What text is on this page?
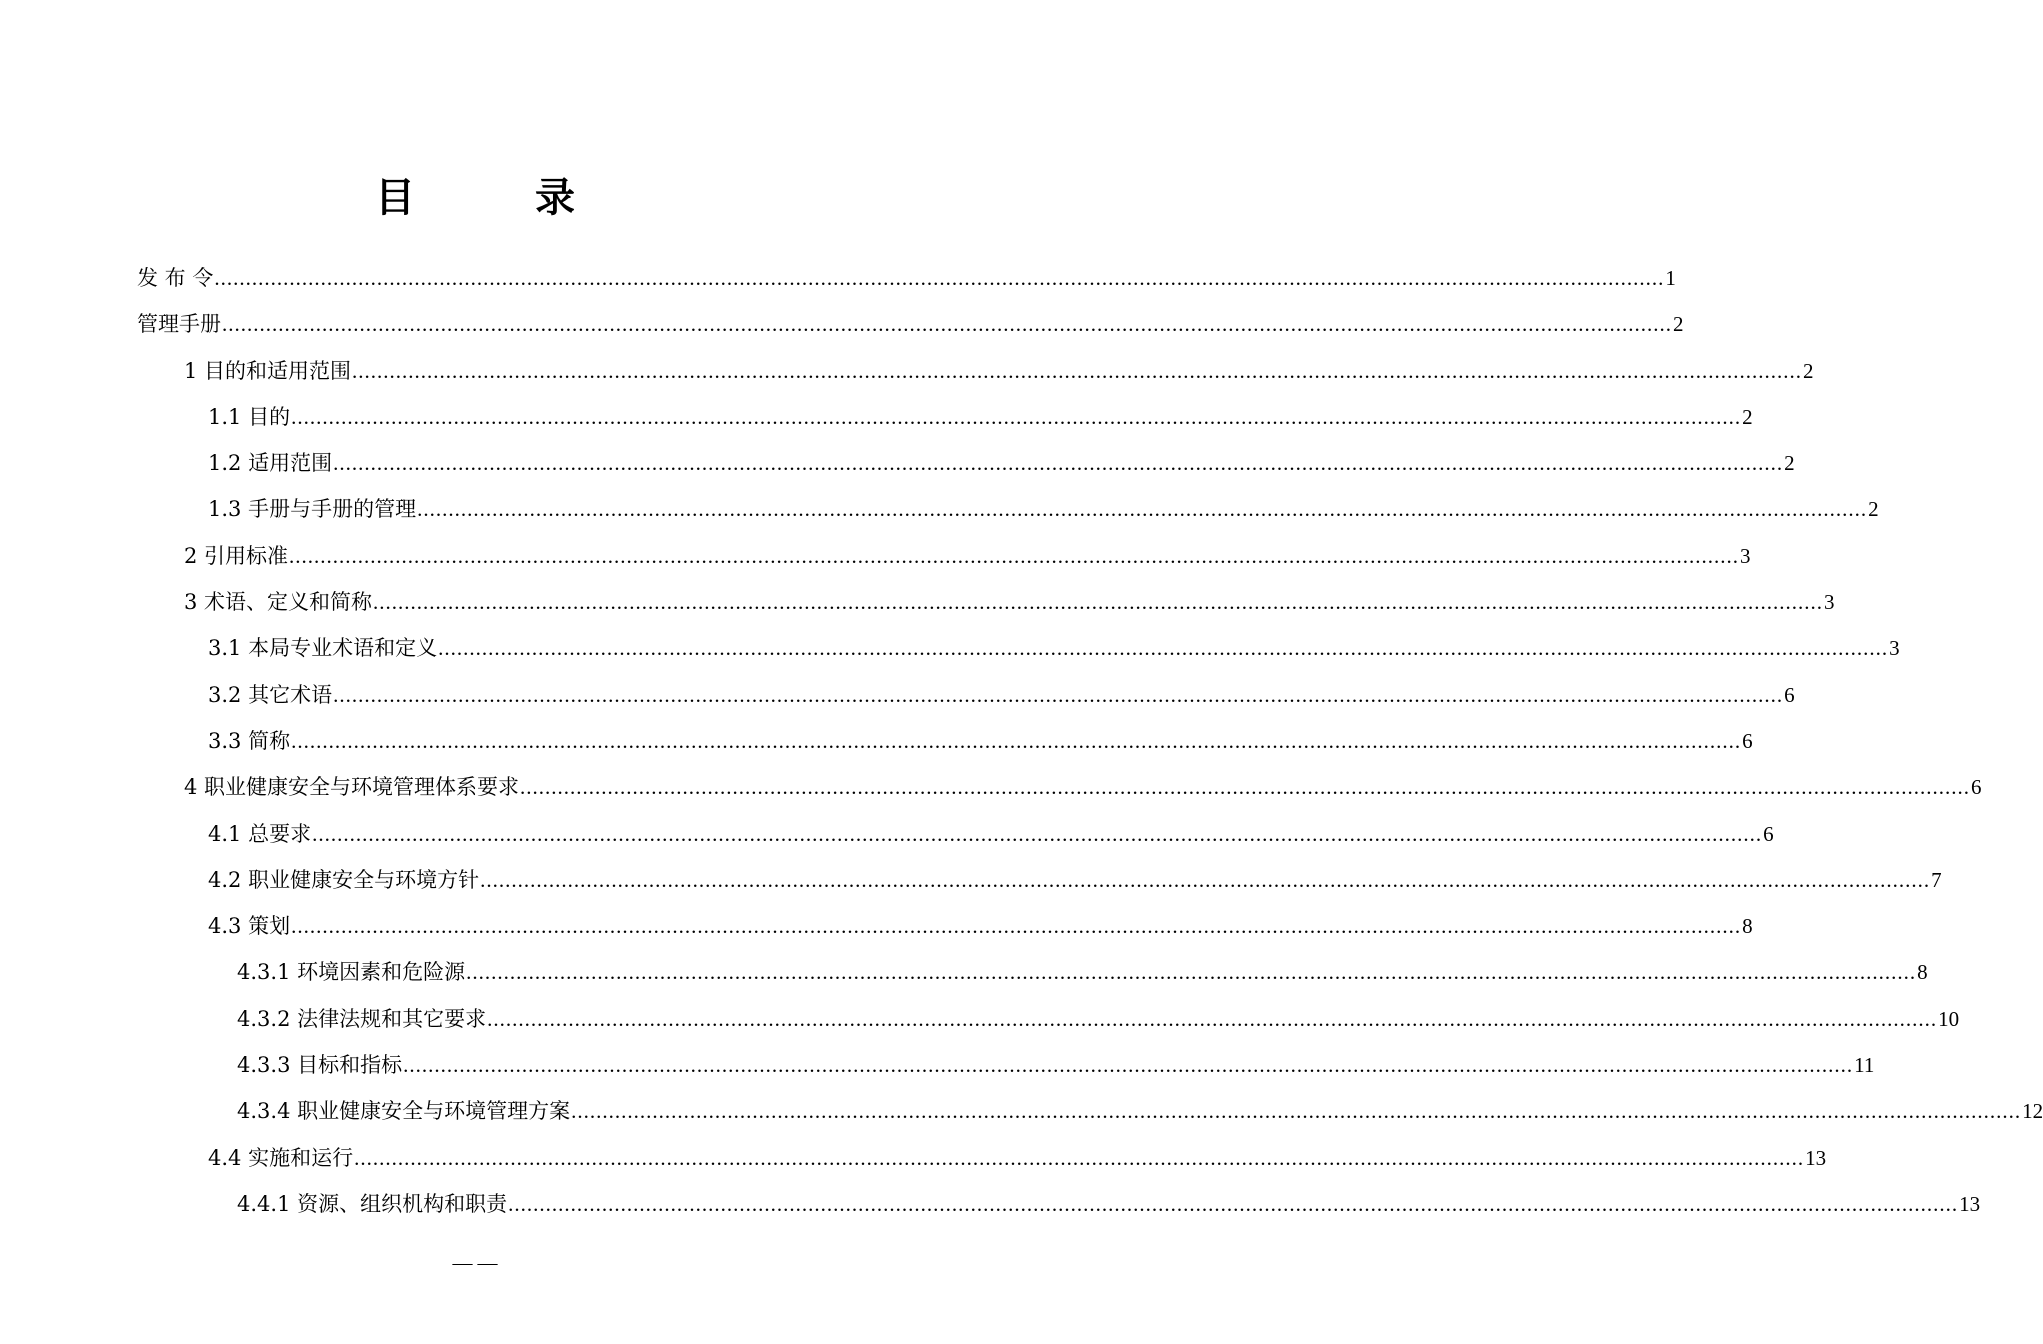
目　录
发 布 令 ........................................................................................................................................................................................................................................ 1
管理手册 ........................................................................................................................................................................................................................................ 2
1 目的和适用范围 ........................................................................................................................................................................................................................................ 2
1.1 目的 ........................................................................................................................................................................................................................................ 2
1.2 适用范围 ........................................................................................................................................................................................................................................ 2
1.3 手册与手册的管理 ........................................................................................................................................................................................................................................ 2
2 引用标准 ........................................................................................................................................................................................................................................ 3
3 术语、定义和简称 ........................................................................................................................................................................................................................................ 3
3.1 本局专业术语和定义 ........................................................................................................................................................................................................................................ 3
3.2 其它术语 ........................................................................................................................................................................................................................................ 6
3.3 简称 ........................................................................................................................................................................................................................................ 6
4 职业健康安全与环境管理体系要求 ........................................................................................................................................................................................................................................ 6
4.1 总要求 ........................................................................................................................................................................................................................................ 6
4.2 职业健康安全与环境方针 ........................................................................................................................................................................................................................................ 7
4.3 策划 ........................................................................................................................................................................................................................................ 8
4.3.1 环境因素和危险源 ........................................................................................................................................................................................................................................ 8
4.3.2 法律法规和其它要求 ........................................................................................................................................................................................................................................ 10
4.3.3 目标和指标 ........................................................................................................................................................................................................................................ 11
4.3.4 职业健康安全与环境管理方案 ........................................................................................................................................................................................................................................ 12
4.4 实施和运行 ........................................................................................................................................................................................................................................ 13
4.4.1 资源、组织机构和职责 ........................................................................................................................................................................................................................................ 13
— —
